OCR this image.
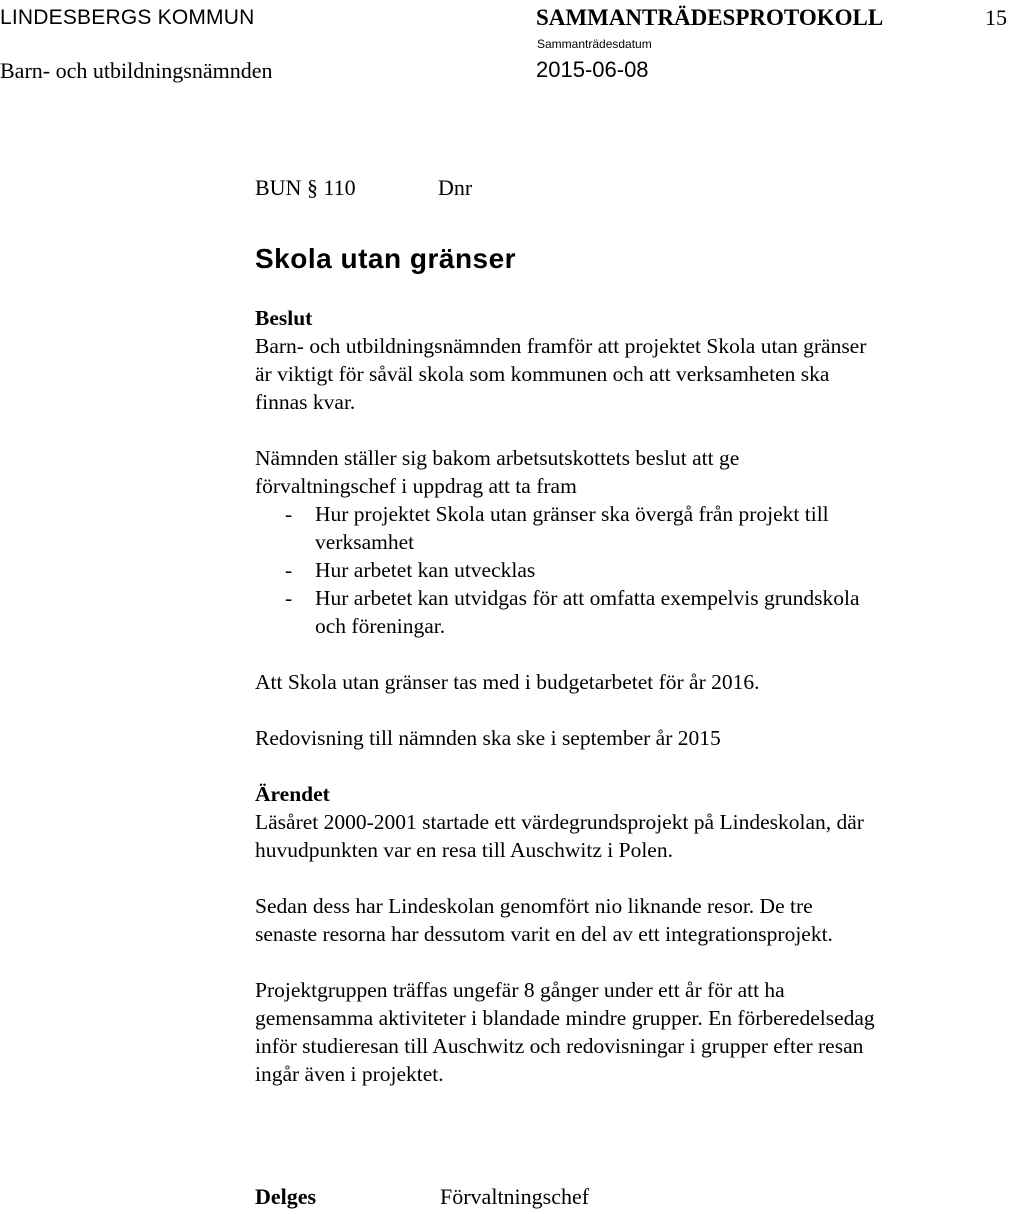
LINDESBERGS KOMMUN
Barn- och utbildningsnämnden
SAMMANTRÄDESPROTOKOLL
Sammanträdesdatum
2015-06-08
15
BUN § 110	Dnr
Skola utan gränser

Beslut

Barn- och utbildningsnämnden framför att projektet Skola utan gränser
är viktigt för såväl skola som kommunen och att verksamheten ska
finnas kvar.

Nämnden ställer sig bakom arbetsutskottets beslut att ge
förvaltningschef i uppdrag att ta fram

- Hur projektet Skola utan gränser ska övergå från projekt till
verksamhet
- Hur arbetet kan utvecklas
- Hur arbetet kan utvidgas för att omfatta exempelvis grundskola
och föreningar.

Att Skola utan gränser tas med i budgetarbetet för år 2016.

Redovisning till nämnden ska ske i september år 2015

Ärendet

Läsåret 2000-2001 startade ett värdegrundsprojekt på Lindeskolan, där
huvudpunkten var en resa till Auschwitz i Polen.

Sedan dess har Lindeskolan genomfört nio liknande resor. De tre
senaste resorna har dessutom varit en del av ett integrationsprojekt.

Projektgruppen träffas ungefär 8 gånger under ett år för att ha
gemensamma aktiviteter i blandade mindre grupper. En förberedelsedag
inför studieresan till Auschwitz och redovisningar i grupper efter resan
ingår även i projektet.

Delges	Förvaltningschef
